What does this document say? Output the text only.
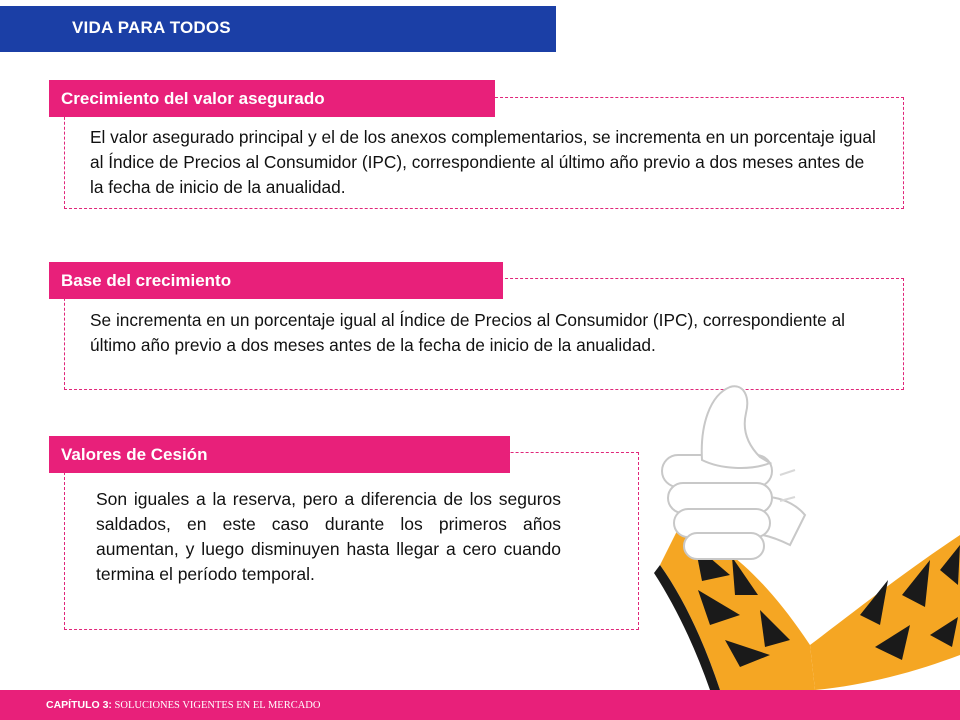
VIDA PARA TODOS
Crecimiento del valor asegurado

El valor asegurado principal y el de los anexos complementarios, se incrementa en un porcentaje igual al Índice de Precios al Consumidor (IPC), correspondiente al último año previo a dos meses antes de la fecha de inicio de la anualidad.

Base del crecimiento

Se incrementa en un porcentaje igual al Índice de Precios al Consumidor (IPC), correspondiente al último año previo a dos meses antes de la fecha de inicio de la anualidad.

Valores de Cesión

Son iguales a la reserva, pero a diferencia de los seguros saldados, en este caso durante los primeros años aumentan, y luego disminuyen hasta llegar a cero cuando termina el período temporal.

CAPÍTULO 3: SOLUCIONES VIGENTES EN EL MERCADO
